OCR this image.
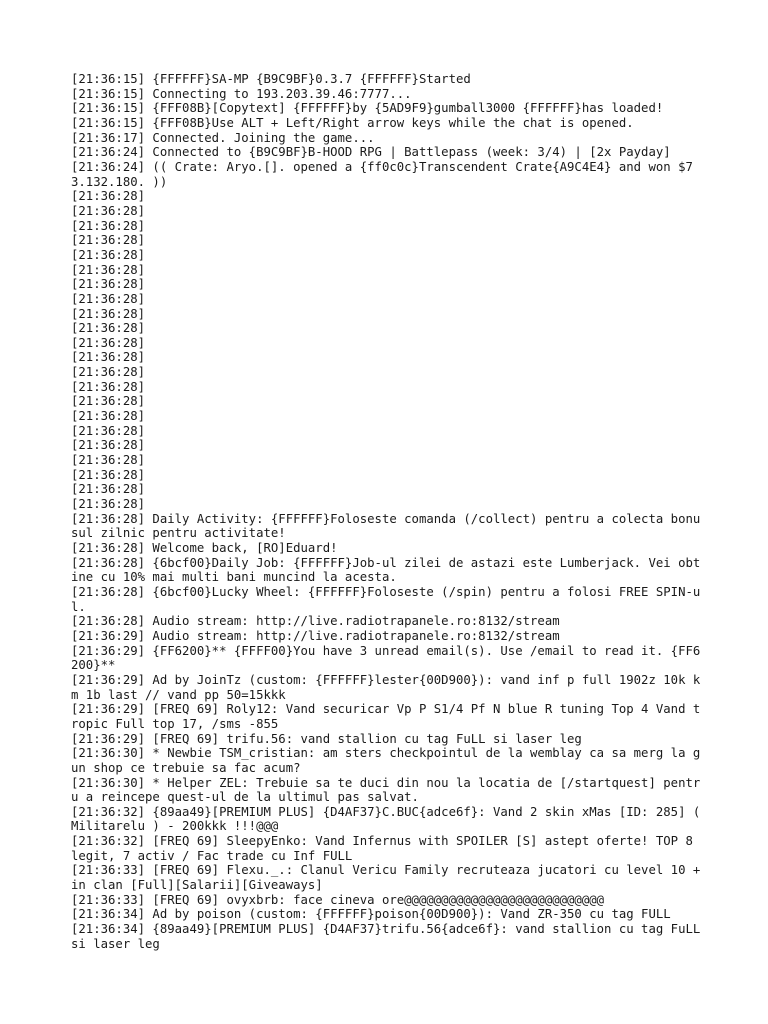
[21:36:15] {FFFFFF}SA-MP {B9C9BF}0.3.7 {FFFFFF}Started

[21:36:15] Connecting to 193.203.39.46:7777...

[21:36:15] {FFF08B}[Copytext] {FFFFFF}by {5AD9F9}gumball3000 {FFFFFF}has loaded!

[21:36:15] {FFF08B}Use ALT + Left/Right arrow keys while the chat is opened.

[21:36:17] Connected. Joining the game...

[21:36:24] Connected to {B9C9BF}B-HOOD RPG | Battlepass (week: 3/4) | [2x Payday]

[21:36:24] (( Crate: Aryo.[]. opened a {ff0c0c}Transcendent Crate{A9C4E4} and won $73.132.180. ))

[21:36:28]

[21:36:28]

[21:36:28]

[21:36:28]

[21:36:28]

[21:36:28]

[21:36:28]

[21:36:28]

[21:36:28]

[21:36:28]

[21:36:28]

[21:36:28]

[21:36:28]

[21:36:28]

[21:36:28]

[21:36:28]

[21:36:28]

[21:36:28]

[21:36:28]

[21:36:28]

[21:36:28]

[21:36:28]

[21:36:28] Daily Activity: {FFFFFF}Foloseste comanda (/collect) pentru a colecta bonusul zilnic pentru activitate!

[21:36:28] Welcome back, [RO]Eduard!

[21:36:28] {6bcf00}Daily Job: {FFFFFF}Job-ul zilei de astazi este Lumberjack. Vei obtine cu 10% mai multi bani muncind la acesta.

[21:36:28] {6bcf00}Lucky Wheel: {FFFFFF}Foloseste (/spin) pentru a folosi FREE SPIN-ul.

[21:36:28] Audio stream: http://live.radiotrapanele.ro:8132/stream

[21:36:29] Audio stream: http://live.radiotrapanele.ro:8132/stream

[21:36:29] {FF6200}** {FFFF00}You have 3 unread email(s). Use /email to read it. {FF6200}**

[21:36:29] Ad by JoinTz (custom: {FFFFFF}lester{00D900}): vand inf p full 1902z 10k km 1b last // vand pp 50=15kkk

[21:36:29] [FREQ 69] Roly12: Vand securicar Vp P S1/4 Pf N blue R tuning Top 4 Vand tropic Full top 17, /sms -855

[21:36:29] [FREQ 69] trifu.56: vand stallion cu tag FuLL si laser leg

[21:36:30] * Newbie TSM_cristian: am sters checkpointul de la wemblay ca sa merg la gun shop ce trebuie sa fac acum?

[21:36:30] * Helper ZEL: Trebuie sa te duci din nou la locatia de [/startquest] pentru a reincepe quest-ul de la ultimul pas salvat.

[21:36:32] {89aa49}[PREMIUM PLUS] {D4AF37}C.BUC{adce6f}: Vand 2 skin xMas [ID: 285] ( Militarelu ) - 200kkk !!!@@@

[21:36:32] [FREQ 69] SleepyEnko: Vand Infernus with SPOILER [S] astept oferte! TOP 8 legit, 7 activ / Fac trade cu Inf FULL

[21:36:33] [FREQ 69] Flexu._.: Clanul Vericu Family recruteaza jucatori cu level 10 + in clan [Full][Salarii][Giveaways]

[21:36:33] [FREQ 69] ovyxbrb: face cineva ore@@@@@@@@@@@@@@@@@@@@@@@@@@@

[21:36:34] Ad by poison (custom: {FFFFFF}poison{00D900}): Vand ZR-350 cu tag FULL

[21:36:34] {89aa49}[PREMIUM PLUS] {D4AF37}trifu.56{adce6f}: vand stallion cu tag FuLL si laser leg
